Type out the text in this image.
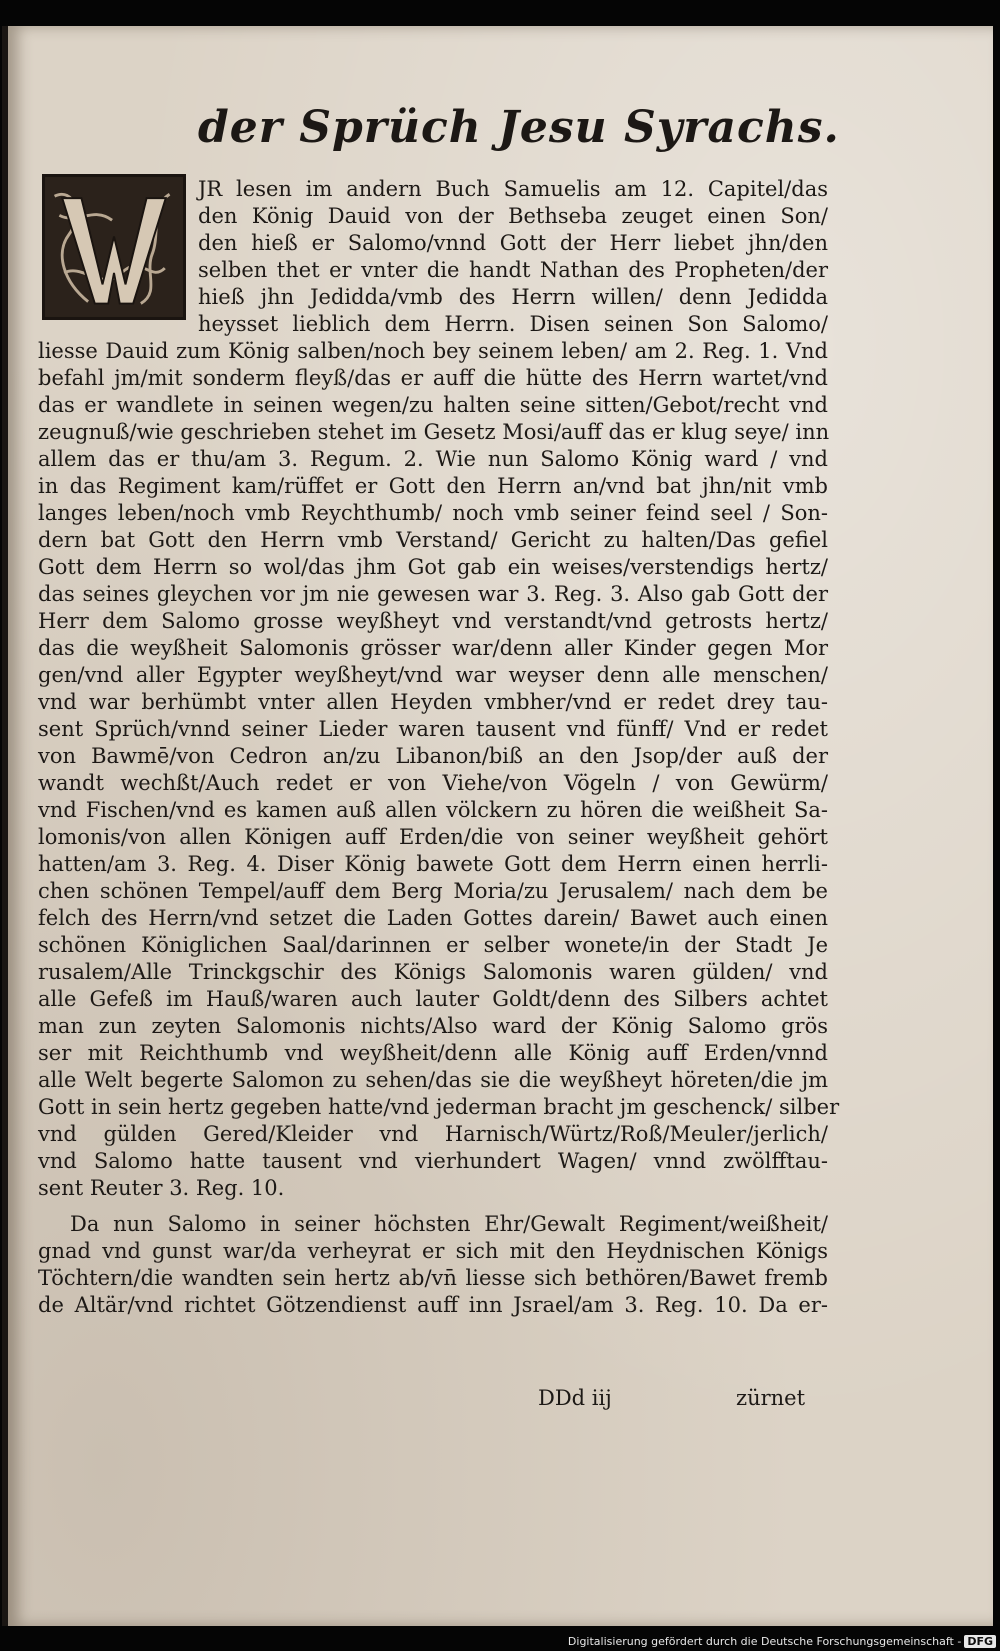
der Sprüch Jesu Syrachs.
JR lesen im andern Buch Samuelis am 12. Capitel/das
den König Dauid von der Bethseba zeuget einen Son/
den hieß er Salomo/vnnd Gott der Herr liebet jhn/den
selben thet er vnter die handt Nathan des Propheten/der
hieß jhn Jedidda/vmb des Herrn willen/ denn Jedidda
heysset lieblich dem Herrn. Disen seinen Son Salomo/
liesse Dauid zum König salben/noch bey seinem leben/ am 2. Reg. 1. Vnd
befahl jm/mit sonderm fleyß/das er auff die hütte des Herrn wartet/vnd
das er wandlete in seinen wegen/zu halten seine sitten/Gebot/recht vnd
zeugnuß/wie geschrieben stehet im Gesetz Mosi/auff das er klug seye/ inn
allem das er thu/am 3. Regum. 2. Wie nun Salomo König ward / vnd
in das Regiment kam/rüffet er Gott den Herrn an/vnd bat jhn/nit vmb
langes leben/noch vmb Reychthumb/ noch vmb seiner feind seel / Son-
dern bat Gott den Herrn vmb Verstand/ Gericht zu halten/Das gefiel
Gott dem Herrn so wol/das jhm Got gab ein weises/verstendigs hertz/
das seines gleychen vor jm nie gewesen war 3. Reg. 3. Also gab Gott der
Herr dem Salomo grosse weyßheyt vnd verstandt/vnd getrosts hertz/
das die weyßheit Salomonis grösser war/denn aller Kinder gegen Mor
gen/vnd aller Egypter weyßheyt/vnd war weyser denn alle menschen/
vnd war berhümbt vnter allen Heyden vmbher/vnd er redet drey tau-
sent Sprüch/vnnd seiner Lieder waren tausent vnd fünff/ Vnd er redet
von Bawmē/von Cedron an/zu Libanon/biß an den Jsop/der auß der
wandt wechßt/Auch redet er von Viehe/von Vögeln / von Gewürm/
vnd Fischen/vnd es kamen auß allen völckern zu hören die weißheit Sa-
lomonis/von allen Königen auff Erden/die von seiner weyßheit gehört
hatten/am 3. Reg. 4. Diser König bawete Gott dem Herrn einen herrli-
chen schönen Tempel/auff dem Berg Moria/zu Jerusalem/ nach dem be
felch des Herrn/vnd setzet die Laden Gottes darein/ Bawet auch einen
schönen Königlichen Saal/darinnen er selber wonete/in der Stadt Je
rusalem/Alle Trinckgschir des Königs Salomonis waren gülden/ vnd
alle Gefeß im Hauß/waren auch lauter Goldt/denn des Silbers achtet
man zun zeyten Salomonis nichts/Also ward der König Salomo grös
ser mit Reichthumb vnd weyßheit/denn alle König auff Erden/vnnd
alle Welt begerte Salomon zu sehen/das sie die weyßheyt höreten/die jm
Gott in sein hertz gegeben hatte/vnd jederman bracht jm geschenck/ silber
vnd gülden Gered/Kleider vnd Harnisch/Würtz/Roß/Meuler/jerlich/
vnd Salomo hatte tausent vnd vierhundert Wagen/ vnnd zwölfftau-
sent Reuter 3. Reg. 10.
Da nun Salomo in seiner höchsten Ehr/Gewalt Regiment/weißheit/
gnad vnd gunst war/da verheyrat er sich mit den Heydnischen Königs
Töchtern/die wandten sein hertz ab/vn̄ liesse sich bethören/Bawet fremb
de Altär/vnd richtet Götzendienst auff inn Jsrael/am 3. Reg. 10. Da er-
DDd iij	zürnet
Digitalisierung gefördert durch die Deutsche Forschungsgemeinschaft - DFG
